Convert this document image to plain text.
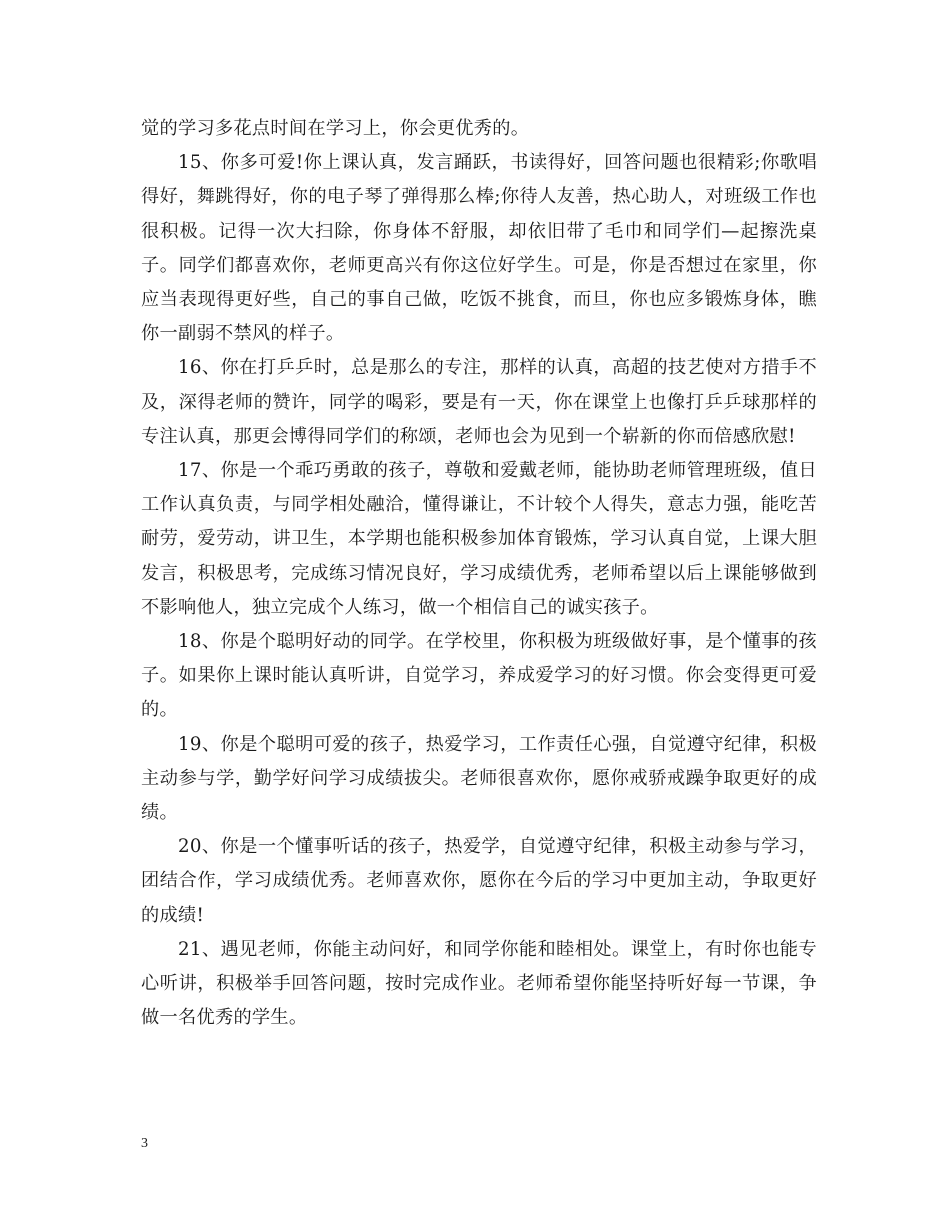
觉的学习多花点时间在学习上，你会更优秀的。

15、你多可爱!你上课认真，发言踊跃，书读得好，回答问题也很精彩;你歌唱得好，舞跳得好，你的电子琴了弹得那么棒;你待人友善，热心助人，对班级工作也很积极。记得一次大扫除，你身体不舒服，却依旧带了毛巾和同学们—起擦洗桌子。同学们都喜欢你，老师更高兴有你这位好学生。可是，你是否想过在家里，你应当表现得更好些，自己的事自己做，吃饭不挑食，而旦，你也应多锻炼身体，瞧你一副弱不禁风的样子。

16、你在打乒乒时，总是那么的专注，那样的认真，高超的技艺使对方措手不及，深得老师的赞许，同学的喝彩，要是有一天，你在课堂上也像打乒乒球那样的专注认真，那更会博得同学们的称颂，老师也会为见到一个崭新的你而倍感欣慰!

17、你是一个乖巧勇敢的孩子，尊敬和爱戴老师，能协助老师管理班级，值日工作认真负责，与同学相处融洽，懂得谦让，不计较个人得失，意志力强，能吃苦耐劳，爱劳动，讲卫生，本学期也能积极参加体育锻炼，学习认真自觉，上课大胆发言，积极思考，完成练习情况良好，学习成绩优秀，老师希望以后上课能够做到不影响他人，独立完成个人练习，做一个相信自己的诚实孩子。

18、你是个聪明好动的同学。在学校里，你积极为班级做好事，是个懂事的孩子。如果你上课时能认真听讲，自觉学习，养成爱学习的好习惯。你会变得更可爱的。

19、你是个聪明可爱的孩子，热爱学习，工作责任心强，自觉遵守纪律，积极主动参与学，勤学好问学习成绩拔尖。老师很喜欢你，愿你戒骄戒躁争取更好的成绩。

20、你是一个懂事听话的孩子，热爱学，自觉遵守纪律，积极主动参与学习，团结合作，学习成绩优秀。老师喜欢你，愿你在今后的学习中更加主动，争取更好的成绩!

21、遇见老师，你能主动问好，和同学你能和睦相处。课堂上，有时你也能专心听讲，积极举手回答问题，按时完成作业。老师希望你能坚持听好每一节课，争做一名优秀的学生。

3
